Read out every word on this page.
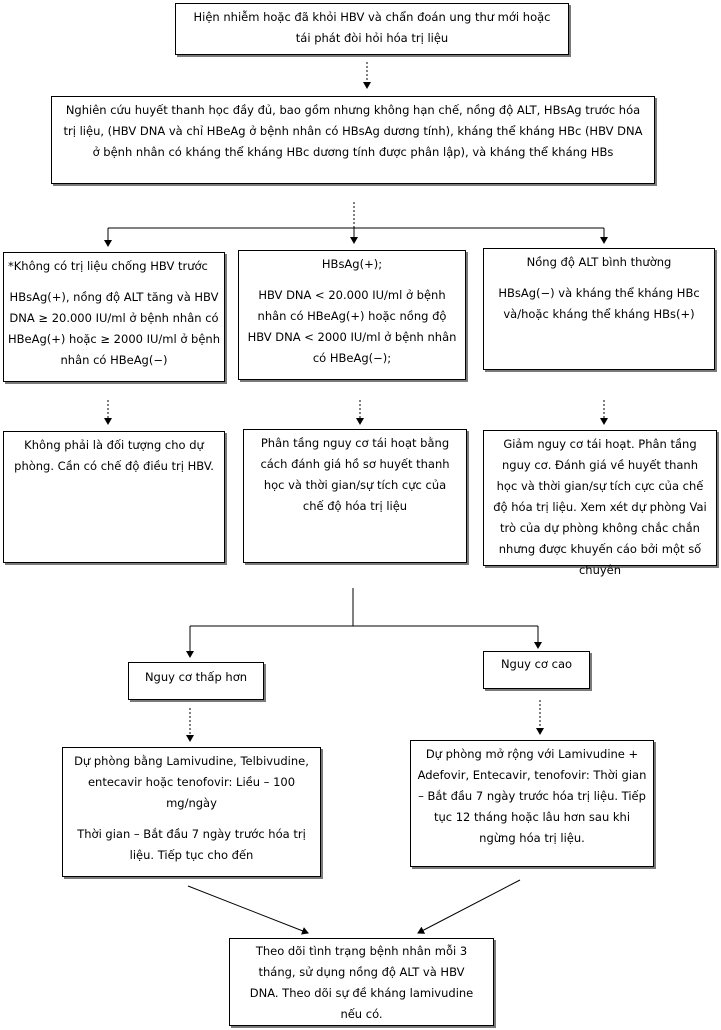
Hiện nhiễm hoặc đã khỏi HBV và chẩn đoán ung thư mới hoặc

tái phát đòi hỏi hóa trị liệu

Nghiên cứu huyết thanh học đầy đủ, bao gồm nhưng không hạn chế, nồng độ ALT, HBsAg trước hóa trị liệu, (HBV DNA và chỉ HBeAg ở bệnh nhân có HBsAg dương tính), kháng thể kháng HBc (HBV DNA ở bệnh nhân có kháng thể kháng HBc dương tính được phân lập), và kháng thể kháng HBs

*Không có trị liệu chống HBV trước

HBsAg(+), nồng độ ALT tăng và HBV DNA ≥ 20.000 IU/ml ở bệnh nhân có HBeAg(+) hoặc ≥ 2000 IU/ml ở bệnh nhân có HBeAg(−)

HBsAg(+);

HBV DNA < 20.000 IU/ml ở bệnh nhân có HBeAg(+) hoặc nồng độ HBV DNA < 2000 IU/ml ở bệnh nhân có HBeAg(−);

Nồng độ ALT bình thường

HBsAg(−) và kháng thể kháng HBc và/hoặc kháng thể kháng HBs(+)

Không phải là đối tượng cho dự phòng. Cần có chế độ điều trị HBV.

Phân tầng nguy cơ tái hoạt bằng cách đánh giá hồ sơ huyết thanh học và thời gian/sự tích cực của chế độ hóa trị liệu

Giảm nguy cơ tái hoạt. Phân tầng nguy cơ. Đánh giá về huyết thanh học và thời gian/sự tích cực của chế độ hóa trị liệu. Xem xét dự phòng Vai trò của dự phòng không chắc chắn nhưng được khuyến cáo bởi một số chuyên

Nguy cơ thấp hơn

Nguy cơ cao

Dự phòng bằng Lamivudine, Telbivudine, entecavir hoặc tenofovir: Liều – 100 mg/ngày

Thời gian – Bắt đầu 7 ngày trước hóa trị liệu. Tiếp tục cho đến

Dự phòng mở rộng với Lamivudine + Adefovir, Entecavir, tenofovir: Thời gian – Bắt đầu 7 ngày trước hóa trị liệu. Tiếp tục 12 tháng hoặc lâu hơn sau khi ngừng hóa trị liệu.

Theo dõi tình trạng bệnh nhân mỗi 3 tháng, sử dụng nồng độ ALT và HBV DNA. Theo dõi sự đề kháng lamivudine nếu có.
